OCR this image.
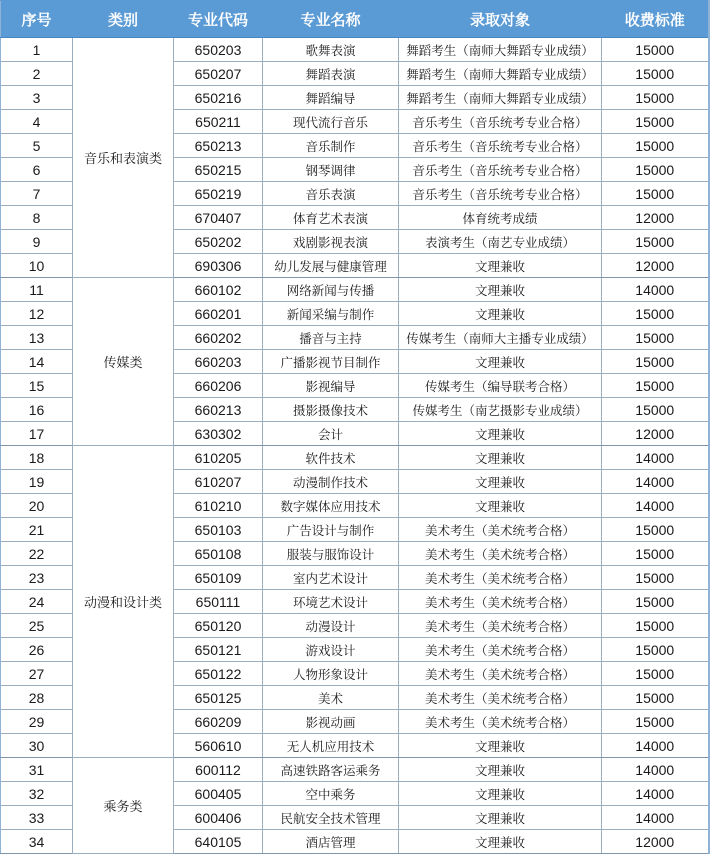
序号	类别	专业代码	专业名称	录取对象	收费标准
1	音乐和表演类	650203	歌舞表演	舞蹈考生（南师大舞蹈专业成绩）	15000
2		650207	舞蹈表演	舞蹈考生（南师大舞蹈专业成绩）	15000
3		650216	舞蹈编导	舞蹈考生（南师大舞蹈专业成绩）	15000
4		650211	现代流行音乐	音乐考生（音乐统考专业合格）	15000
5		650213	音乐制作	音乐考生（音乐统考专业合格）	15000
6		650215	钢琴调律	音乐考生（音乐统考专业合格）	15000
7		650219	音乐表演	音乐考生（音乐统考专业合格）	15000
8		670407	体育艺术表演	体育统考成绩	12000
9		650202	戏剧影视表演	表演考生（南艺专业成绩）	15000
10		690306	幼儿发展与健康管理	文理兼收	12000
11	传媒类	660102	网络新闻与传播	文理兼收	14000
12		660201	新闻采编与制作	文理兼收	15000
13		660202	播音与主持	传媒考生（南师大主播专业成绩）	15000
14		660203	广播影视节目制作	文理兼收	15000
15		660206	影视编导	传媒考生（编导联考合格）	15000
16		660213	摄影摄像技术	传媒考生（南艺摄影专业成绩）	15000
17		630302	会计	文理兼收	12000
18	动漫和设计类	610205	软件技术	文理兼收	14000
19		610207	动漫制作技术	文理兼收	14000
20		610210	数字媒体应用技术	文理兼收	14000
21		650103	广告设计与制作	美术考生（美术统考合格）	15000
22		650108	服装与服饰设计	美术考生（美术统考合格）	15000
23		650109	室内艺术设计	美术考生（美术统考合格）	15000
24		650111	环境艺术设计	美术考生（美术统考合格）	15000
25		650120	动漫设计	美术考生（美术统考合格）	15000
26		650121	游戏设计	美术考生（美术统考合格）	15000
27		650122	人物形象设计	美术考生（美术统考合格）	15000
28		650125	美术	美术考生（美术统考合格）	15000
29		660209	影视动画	美术考生（美术统考合格）	15000
30		560610	无人机应用技术	文理兼收	14000
31	乘务类	600112	高速铁路客运乘务	文理兼收	14000
32		600405	空中乘务	文理兼收	14000
33		600406	民航安全技术管理	文理兼收	14000
34		640105	酒店管理	文理兼收	12000
